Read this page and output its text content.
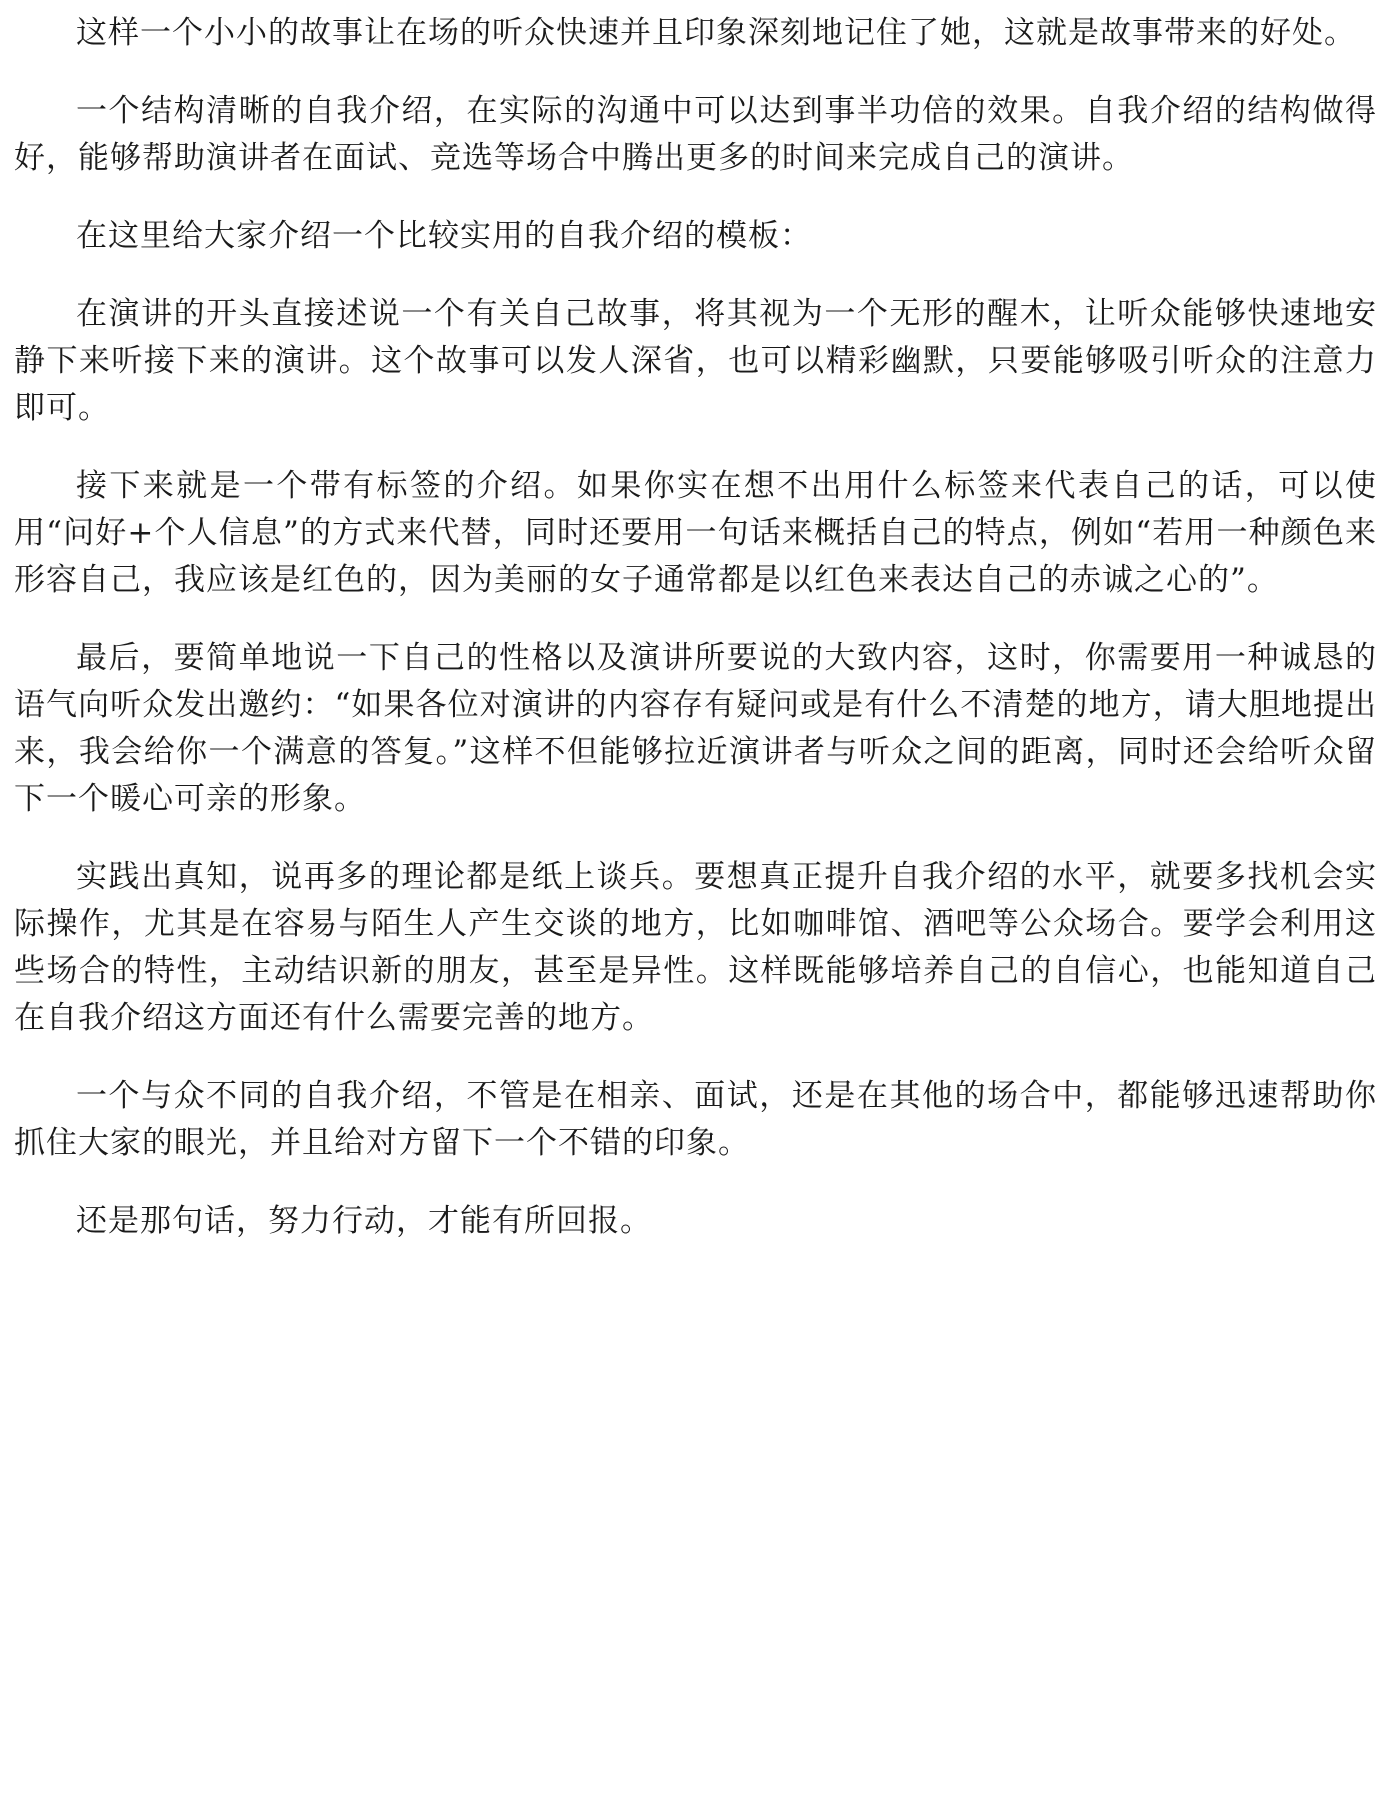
这样一个小小的故事让在场的听众快速并且印象深刻地记住了她，这就是故事带来的好处。

一个结构清晰的自我介绍，在实际的沟通中可以达到事半功倍的效果。自我介绍的结构做得好，能够帮助演讲者在面试、竞选等场合中腾出更多的时间来完成自己的演讲。

在这里给大家介绍一个比较实用的自我介绍的模板：

在演讲的开头直接述说一个有关自己故事，将其视为一个无形的醒木，让听众能够快速地安静下来听接下来的演讲。这个故事可以发人深省，也可以精彩幽默，只要能够吸引听众的注意力即可。

接下来就是一个带有标签的介绍。如果你实在想不出用什么标签来代表自己的话，可以使用“问好+个人信息”的方式来代替，同时还要用一句话来概括自己的特点，例如“若用一种颜色来形容自己，我应该是红色的，因为美丽的女子通常都是以红色来表达自己的赤诚之心的”。

最后，要简单地说一下自己的性格以及演讲所要说的大致内容，这时，你需要用一种诚恳的语气向听众发出邀约：“如果各位对演讲的内容存有疑问或是有什么不清楚的地方，请大胆地提出来，我会给你一个满意的答复。”这样不但能够拉近演讲者与听众之间的距离，同时还会给听众留下一个暖心可亲的形象。

实践出真知，说再多的理论都是纸上谈兵。要想真正提升自我介绍的水平，就要多找机会实际操作，尤其是在容易与陌生人产生交谈的地方，比如咖啡馆、酒吧等公众场合。要学会利用这些场合的特性，主动结识新的朋友，甚至是异性。这样既能够培养自己的自信心，也能知道自己在自我介绍这方面还有什么需要完善的地方。

一个与众不同的自我介绍，不管是在相亲、面试，还是在其他的场合中，都能够迅速帮助你抓住大家的眼光，并且给对方留下一个不错的印象。

还是那句话，努力行动，才能有所回报。
